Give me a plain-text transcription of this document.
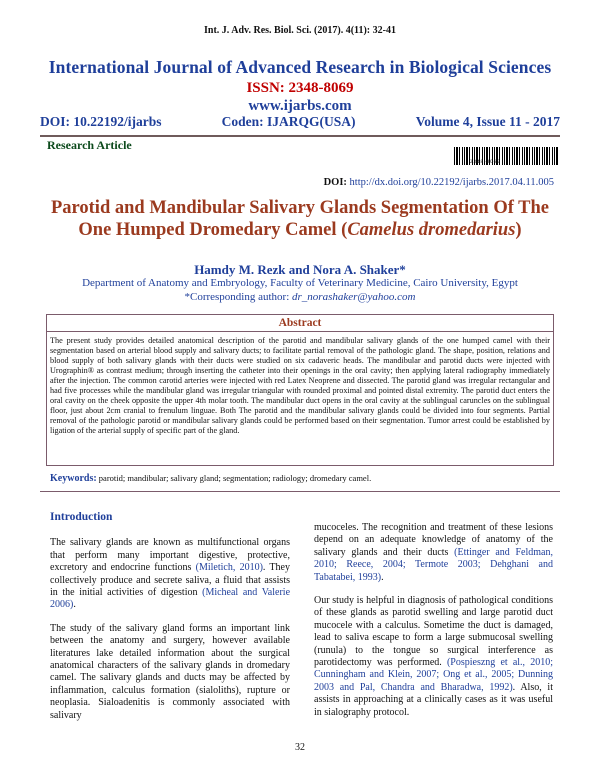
Int. J. Adv. Res. Biol. Sci. (2017). 4(11): 32-41
International Journal of Advanced Research in Biological Sciences
ISSN: 2348-8069
www.ijarbs.com
DOI: 10.22192/ijarbs	Coden: IJARQG(USA)	Volume 4, Issue 11 - 2017
Research Article
2348-8069
DOI: http://dx.doi.org/10.22192/ijarbs.2017.04.11.005
Parotid and Mandibular Salivary Glands Segmentation Of The One Humped Dromedary Camel (Camelus dromedarius)
Hamdy M. Rezk and Nora A. Shaker*
Department of Anatomy and Embryology, Faculty of Veterinary Medicine, Cairo University, Egypt
*Corresponding author: dr_norashaker@yahoo.com
Abstract
The present study provides detailed anatomical description of the parotid and mandibular salivary glands of the one humped camel with their segmentation based on arterial blood supply and salivary ducts; to facilitate partial removal of the pathologic gland. The shape, position, relations and blood supply of both salivary glands with their ducts were studied on six cadaveric heads. The mandibular and parotid ducts were injected with Urographin® as contrast medium; through inserting the catheter into their openings in the oral cavity; then applying lateral radiography immediately after the injection. The common carotid arteries were injected with red Latex Neoprene and dissected. The parotid gland was irregular rectangular and had five processes while the mandibular gland was irregular triangular with rounded proximal and pointed distal extremity. The parotid duct enters the oral cavity on the cheek opposite the upper 4th molar tooth. The mandibular duct opens in the oral cavity at the sublingual caruncles on the sublingual floor, just about 2cm cranial to frenulum linguae. Both The parotid and the mandibular salivary glands could be divided into four segments. Partial removal of the pathologic parotid or mandibular salivary glands could be performed based on their segmentation. Tumor arrest could be established by ligation of the arterial supply of specific part of the gland.
Keywords: parotid; mandibular; salivary gland; segmentation; radiology; dromedary camel.
Introduction

The salivary glands are known as multifunctional organs that perform many important digestive, protective, excretory and endocrine functions (Miletich, 2010). They collectively produce and secrete saliva, a fluid that assists in the initial activities of digestion (Micheal and Valerie 2006).

The study of the salivary gland forms an important link between the anatomy and surgery, however available literatures lake detailed information about the surgical anatomical characters of the salivary glands in dromedary camel. The salivary glands and ducts may be affected by inflammation, calculus formation (sialoliths), rupture or neoplasia. Sialoadenitis is commonly associated with salivary

mucoceles. The recognition and treatment of these lesions depend on an adequate knowledge of anatomy of the salivary glands and their ducts (Ettinger and Feldman, 2010; Reece, 2004; Termote 2003; Dehghani and Tabatabei, 1993).

Our study is helpful in diagnosis of pathological conditions of these glands as parotid swelling and large parotid duct mucocele with a calculus. Sometime the duct is damaged, lead to saliva escape to form a large submucosal swelling (runula) to the tongue so surgical interference as parotidectomy was performed. (Pospieszng et al., 2010; Cunningham and Klein, 2007; Ong et al., 2005; Dunning 2003 and Pal, Chandra and Bharadwa, 1992). Also, it assists in approaching at a clinically cases as it was useful in sialography protocol.

32
